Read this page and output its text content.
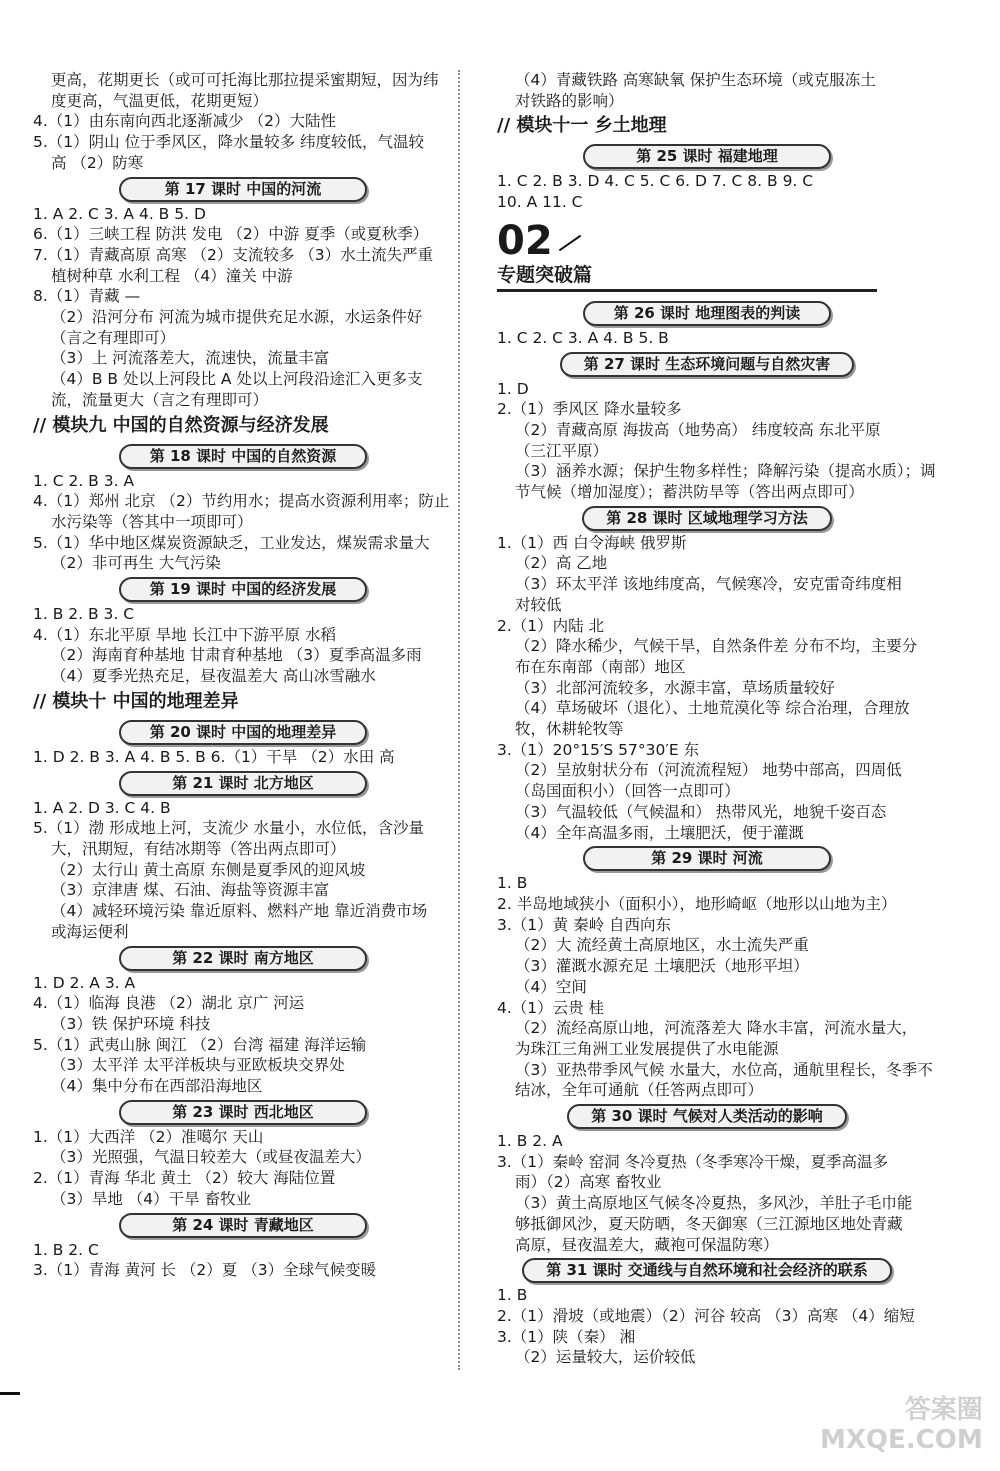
更高，花期更长（或可可托海比那拉提采蜜期短，因为纬
度更高，气温更低，花期更短）
4.（1）由东南向西北逐渐减少 （2）大陆性
5.（1）阴山 位于季风区，降水量较多 纬度较低，气温较
高 （2）防寒
第 17 课时 中国的河流
1. A 2. C 3. A 4. B 5. D
6.（1）三峡工程 防洪 发电 （2）中游 夏季（或夏秋季）
7.（1）青藏高原 高寒 （2）支流较多 （3）水土流失严重
植树种草 水利工程 （4）潼关 中游
8.（1）青藏 —
（2）沿河分布 河流为城市提供充足水源，水运条件好
（言之有理即可）
（3）上 河流落差大，流速快，流量丰富
（4）B B 处以上河段比 A 处以上河段沿途汇入更多支
流，流量更大（言之有理即可）
// 模块九 中国的自然资源与经济发展
第 18 课时 中国的自然资源
1. C 2. B 3. A
4.（1）郑州 北京 （2）节约用水；提高水资源利用率；防止
水污染等（答其中一项即可）
5.（1）华中地区煤炭资源缺乏，工业发达，煤炭需求量大
（2）非可再生 大气污染
第 19 课时 中国的经济发展
1. B 2. B 3. C
4.（1）东北平原 旱地 长江中下游平原 水稻
（2）海南育种基地 甘肃育种基地 （3）夏季高温多雨
（4）夏季光热充足，昼夜温差大 高山冰雪融水
// 模块十 中国的地理差异
第 20 课时 中国的地理差异
1. D 2. B 3. A 4. B 5. B 6.（1）干旱 （2）水田 高
第 21 课时 北方地区
1. A 2. D 3. C 4. B
5.（1）渤 形成地上河，支流少 水量小，水位低，含沙量
大，汛期短，有结冰期等（答出两点即可）
（2）太行山 黄土高原 东侧是夏季风的迎风坡
（3）京津唐 煤、石油、海盐等资源丰富
（4）减轻环境污染 靠近原料、燃料产地 靠近消费市场
或海运便利
第 22 课时 南方地区
1. D 2. A 3. A
4.（1）临海 良港 （2）湖北 京广 河运
（3）铁 保护环境 科技
5.（1）武夷山脉 闽江 （2）台湾 福建 海洋运输
（3）太平洋 太平洋板块与亚欧板块交界处
（4）集中分布在西部沿海地区
第 23 课时 西北地区
1.（1）大西洋 （2）准噶尔 天山
（3）光照强，气温日较差大（或昼夜温差大）
2.（1）青海 华北 黄土 （2）较大 海陆位置
（3）旱地 （4）干旱 畜牧业
第 24 课时 青藏地区
1. B 2. C
3.（1）青海 黄河 长 （2）夏 （3）全球气候变暖
（4）青藏铁路 高寒缺氧 保护生态环境（或克服冻土
对铁路的影响）
// 模块十一 乡土地理
第 25 课时 福建地理
1. C 2. B 3. D 4. C 5. C 6. D 7. C 8. B 9. C
10. A 11. C
02
专题突破篇
第 26 课时 地理图表的判读
1. C 2. C 3. A 4. B 5. B
第 27 课时 生态环境问题与自然灾害
1. D
2.（1）季风区 降水量较多
（2）青藏高原 海拔高（地势高） 纬度较高 东北平原
（三江平原）
（3）涵养水源；保护生物多样性；降解污染（提高水质）；调
节气候（增加湿度）；蓄洪防旱等（答出两点即可）
第 28 课时 区域地理学习方法
1.（1）西 白令海峡 俄罗斯
（2）高 乙地
（3）环太平洋 该地纬度高，气候寒冷，安克雷奇纬度相
对较低
2.（1）内陆 北
（2）降水稀少，气候干旱，自然条件差 分布不均，主要分
布在东南部（南部）地区
（3）北部河流较多，水源丰富，草场质量较好
（4）草场破坏（退化）、土地荒漠化等 综合治理，合理放
牧，休耕轮牧等
3.（1）20°15′S 57°30′E 东
（2）呈放射状分布（河流流程短） 地势中部高，四周低
（岛国面积小）（回答一点即可）
（3）气温较低（气候温和） 热带风光，地貌千姿百态
（4）全年高温多雨，土壤肥沃，便于灌溉
第 29 课时 河流
1. B
2. 半岛地域狭小（面积小），地形崎岖（地形以山地为主）
3.（1）黄 秦岭 自西向东
（2）大 流经黄土高原地区，水土流失严重
（3）灌溉水源充足 土壤肥沃（地形平坦）
（4）空间
4.（1）云贵 桂
（2）流经高原山地，河流落差大 降水丰富，河流水量大，
为珠江三角洲工业发展提供了水电能源
（3）亚热带季风气候 水量大，水位高，通航里程长，冬季不
结冰，全年可通航（任答两点即可）
第 30 课时 气候对人类活动的影响
1. B 2. A
3.（1）秦岭 窑洞 冬冷夏热（冬季寒冷干燥，夏季高温多
雨）（2）高寒 畜牧业
（3）黄土高原地区气候冬冷夏热，多风沙，羊肚子毛巾能
够抵御风沙，夏天防晒，冬天御寒（三江源地区地处青藏
高原，昼夜温差大，藏袍可保温防寒）
第 31 课时 交通线与自然环境和社会经济的联系
1. B
2.（1）滑坡（或地震）（2）河谷 较高 （3）高寒 （4）缩短
3.（1）陕（秦） 湘
（2）运量较大，运价较低
答案圈
MXQE.COM
